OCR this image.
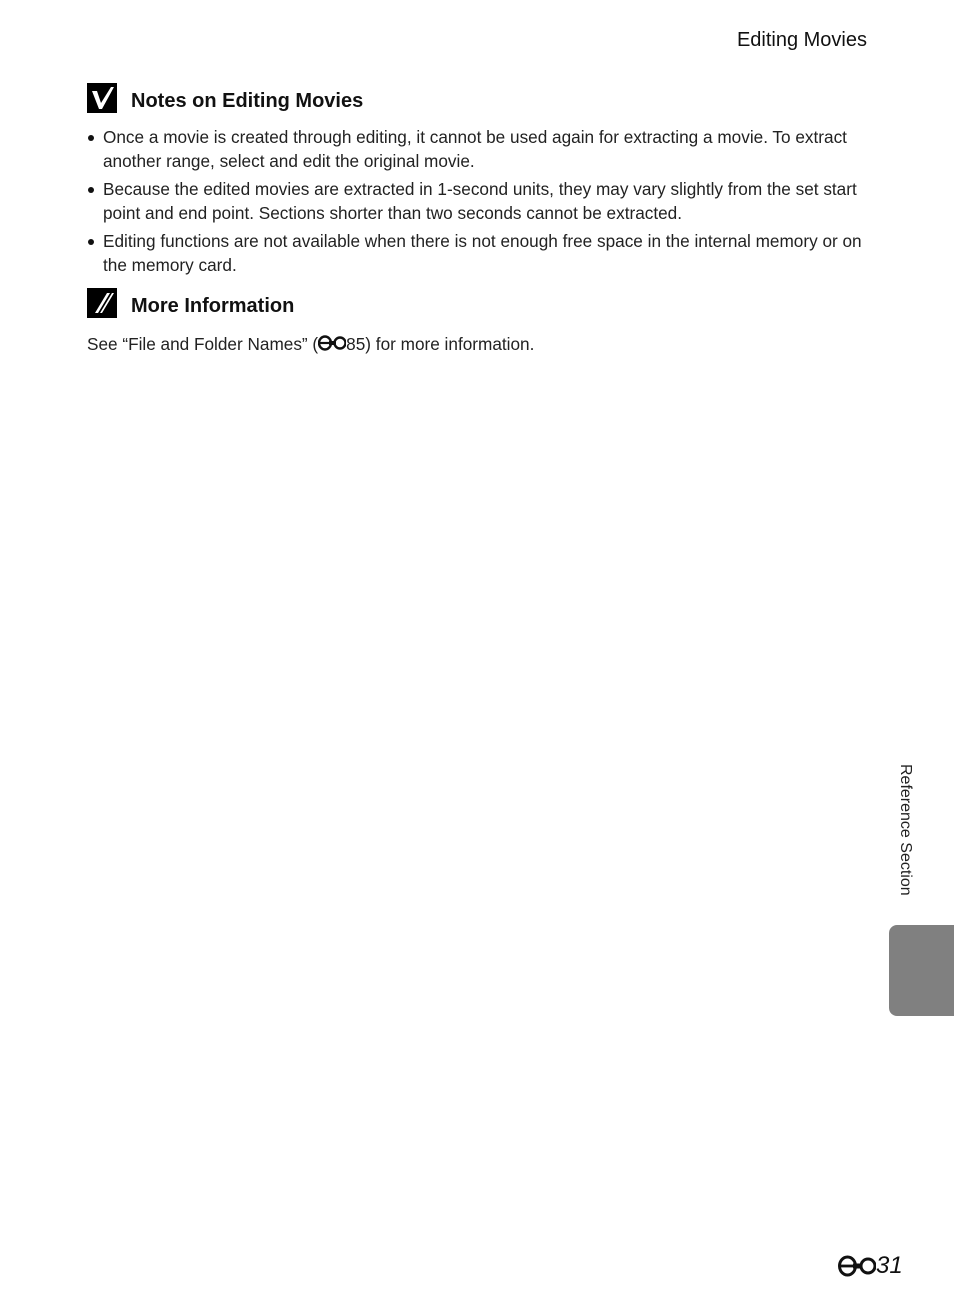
Editing Movies
Notes on Editing Movies
Once a movie is created through editing, it cannot be used again for extracting a movie. To extract another range, select and edit the original movie.
Because the edited movies are extracted in 1-second units, they may vary slightly from the set start point and end point. Sections shorter than two seconds cannot be extracted.
Editing functions are not available when there is not enough free space in the internal memory or on the memory card.
More Information
See “File and Folder Names” ( 85) for more information.
Reference Section
31
